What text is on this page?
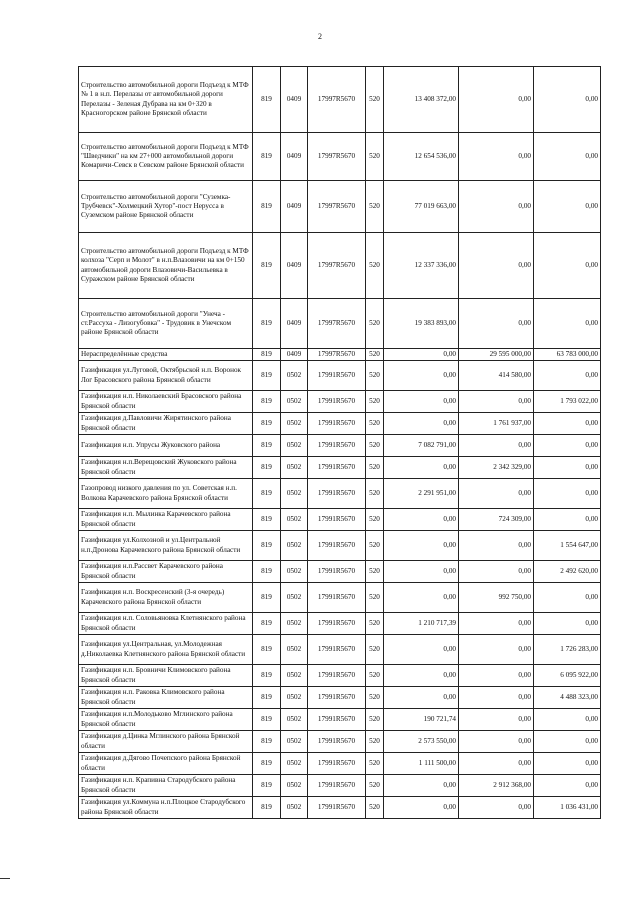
2
Строительство автомобильной дороги Подъезд к МТФ № 1 в н.п. Перелазы от автомобильной дороги Перелазы - Зеленая Дубрава на км 0+320 в Красногорском районе Брянской области	819	0409	17997R5670	520	13 408 372,00	0,00	0,00
Строительство автомобильной дороги Подъезд к МТФ "Шведчики" на км 27+000 автомобильной дороги Комаричи-Севск в Севском районе Брянской области	819	0409	17997R5670	520	12 654 536,00	0,00	0,00
Строительство автомобильной дороги "Суземка-Трубчевск"-Холмецкий Хутор"-пост Нерусса в Суземском районе Брянской области	819	0409	17997R5670	520	77 019 663,00	0,00	0,00
Строительство автомобильной дороги Подъезд к МТФ колхоза "Серп и Молот" в н.п.Влазовичи на км 0+150 автомобильной дороги Влазовичи-Васильевка в Суражском районе Брянской области	819	0409	17997R5670	520	12 337 336,00	0,00	0,00
Строительство автомобильной дороги "Унеча - ст.Рассуха - Лизогубовка" - Трудовик в Унечском районе Брянской области	819	0409	17997R5670	520	19 383 893,00	0,00	0,00
Нераспределённые средства	819	0409	17997R5670	520	0,00	29 595 000,00	63 783 000,00
Газификация ул.Луговой, Октябрьской н.п. Воронок Лог Брасовского района Брянской области	819	0502	17991R5670	520	0,00	414 580,00	0,00
Газификация н.п. Николаевский Брасовского района Брянской области	819	0502	17991R5670	520	0,00	0,00	1 793 022,00
Газификация д.Павловичи Жирятинского района Брянской области	819	0502	17991R5670	520	0,00	1 761 937,00	0,00
Газификация н.п. Упрусы Жуковского района	819	0502	17991R5670	520	7 082 791,00	0,00	0,00
Газификация н.п.Верещовский Жуковского района Брянской области	819	0502	17991R5670	520	0,00	2 342 329,00	0,00
Газопровод низкого давления по ул. Советская н.п. Волкова Карачевского района Брянской области	819	0502	17991R5670	520	2 291 951,00	0,00	0,00
Газификация н.п. Мылинка Карачевского района Брянской области	819	0502	17991R5670	520	0,00	724 309,00	0,00
Газификация ул.Колхозной и ул.Центральной н.п.Дронова Карачевского района Брянской области	819	0502	17991R5670	520	0,00	0,00	1 554 647,00
Газификация н.п.Рассвет Карачевского района Брянской области	819	0502	17991R5670	520	0,00	0,00	2 492 620,00
Газификация н.п. Воскресенский (3-я очередь) Карачевского района Брянской области	819	0502	17991R5670	520	0,00	992 750,00	0,00
Газификация н.п. Соловьяновка Клетнянского района Брянской области	819	0502	17991R5670	520	1 210 717,39	0,00	0,00
Газификация ул.Центральная, ул.Молодежная д.Николаевка Клетнянского района Брянской области	819	0502	17991R5670	520	0,00	0,00	1 726 283,00
Газификация н.п. Бровничи Климовского района Брянской области	819	0502	17991R5670	520	0,00	0,00	6 095 922,00
Газификация н.п. Раковка Климовского района Брянской области	819	0502	17991R5670	520	0,00	0,00	4 488 323,00
Газификация н.п.Молодьково Мглинского района Брянской области	819	0502	17991R5670	520	190 721,74	0,00	0,00
Газификация д.Цинка Мглинского района Брянской области	819	0502	17991R5670	520	2 573 550,00	0,00	0,00
Газификация д.Дягово Почепского района Брянской области	819	0502	17991R5670	520	1 111 500,00	0,00	0,00
Газификация н.п. Крапивна Стародубского района Брянской области	819	0502	17991R5670	520	0,00	2 912 368,00	0,00
Газификация ул.Коммуна н.п.Плоцкое Стародубского района Брянской области	819	0502	17991R5670	520	0,00	0,00	1 036 431,00
